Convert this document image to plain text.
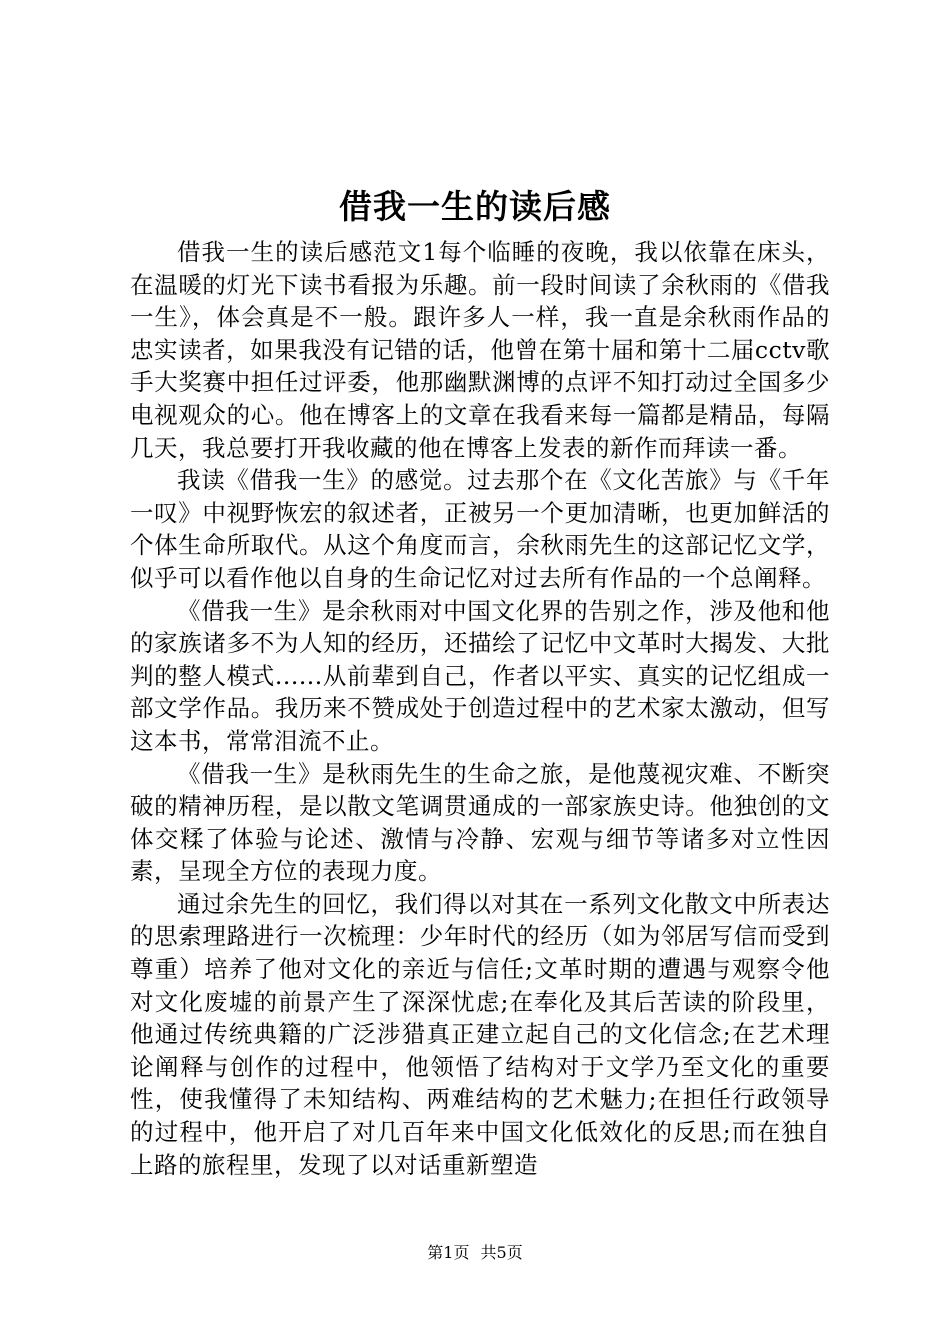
借我一生的读后感

借我一生的读后感范文1每个临睡的夜晚，我以依靠在床头，在温暖的灯光下读书看报为乐趣。前一段时间读了余秋雨的《借我一生》，体会真是不一般。跟许多人一样，我一直是余秋雨作品的忠实读者，如果我没有记错的话，他曾在第十届和第十二届cctv歌手大奖赛中担任过评委，他那幽默渊博的点评不知打动过全国多少电视观众的心。他在博客上的文章在我看来每一篇都是精品，每隔几天，我总要打开我收藏的他在博客上发表的新作而拜读一番。

我读《借我一生》的感觉。过去那个在《文化苦旅》与《千年一叹》中视野恢宏的叙述者，正被另一个更加清晰，也更加鲜活的个体生命所取代。从这个角度而言，余秋雨先生的这部记忆文学，似乎可以看作他以自身的生命记忆对过去所有作品的一个总阐释。

《借我一生》是余秋雨对中国文化界的告别之作，涉及他和他的家族诸多不为人知的经历，还描绘了记忆中文革时大揭发、大批判的整人模式......从前辈到自己，作者以平实、真实的记忆组成一部文学作品。我历来不赞成处于创造过程中的艺术家太激动，但写这本书，常常泪流不止。

《借我一生》是秋雨先生的生命之旅，是他蔑视灾难、不断突破的精神历程，是以散文笔调贯通成的一部家族史诗。他独创的文体交糅了体验与论述、激情与冷静、宏观与细节等诸多对立性因素，呈现全方位的表现力度。

通过余先生的回忆，我们得以对其在一系列文化散文中所表达的思索理路进行一次梳理：少年时代的经历（如为邻居写信而受到尊重）培养了他对文化的亲近与信任;文革时期的遭遇与观察令他对文化废墟的前景产生了深深忧虑;在奉化及其后苦读的阶段里，他通过传统典籍的广泛涉猎真正建立起自己的文化信念;在艺术理论阐释与创作的过程中，他领悟了结构对于文学乃至文化的重要性，使我懂得了未知结构、两难结构的艺术魅力;在担任行政领导的过程中，他开启了对几百年来中国文化低效化的反思;而在独自上路的旅程里，发现了以对话重新塑造

第1页 共5页
